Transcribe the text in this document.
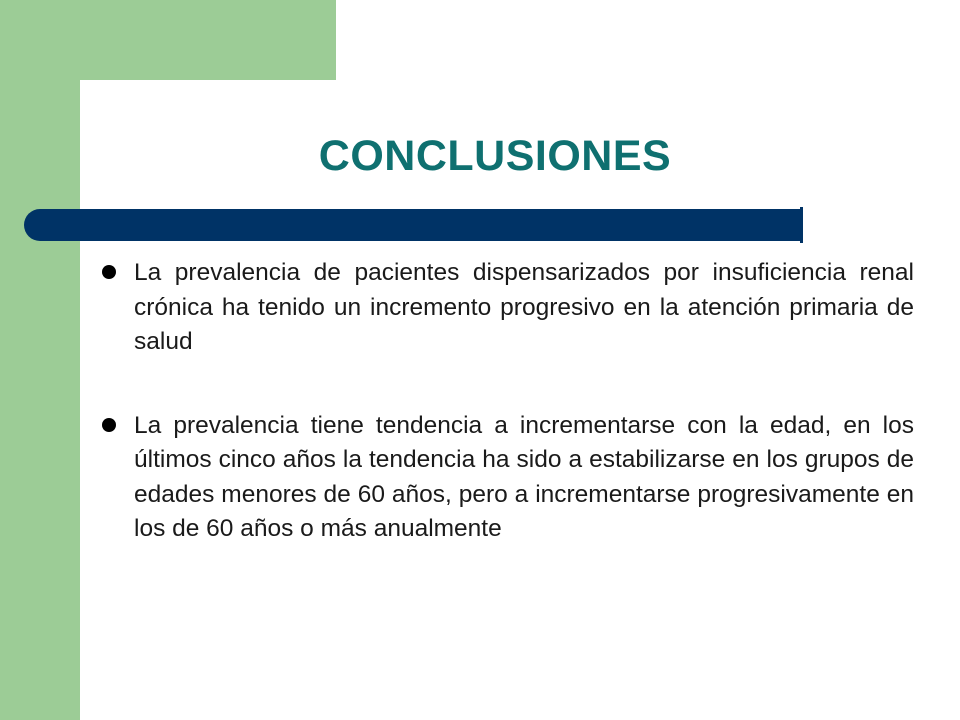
CONCLUSIONES
La prevalencia de pacientes dispensarizados por insuficiencia renal crónica ha tenido un incremento progresivo en la atención primaria de salud
La prevalencia tiene tendencia a incrementarse con la edad, en los últimos cinco años la tendencia ha sido a estabilizarse en los grupos de edades menores de 60 años, pero a incrementarse progresivamente en los de 60 años o más anualmente
